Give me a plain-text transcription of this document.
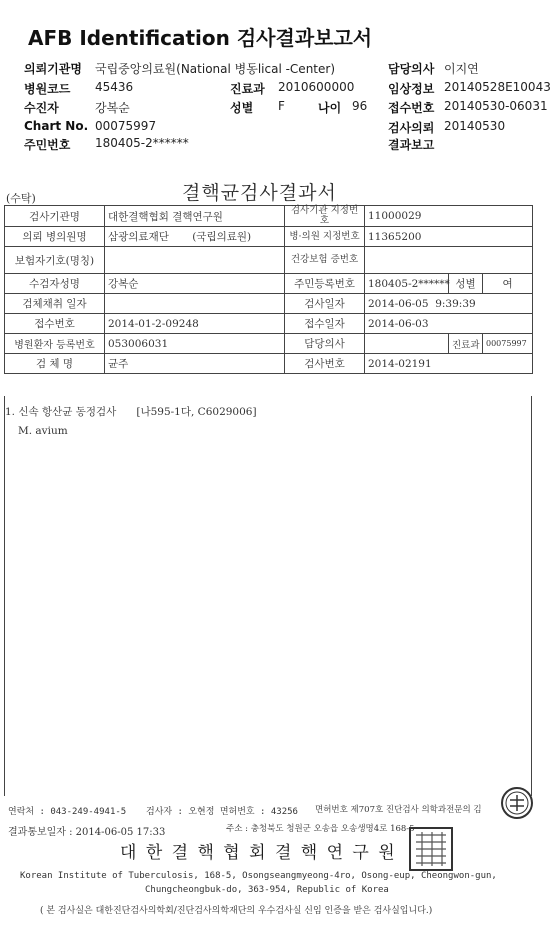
AFB Identification 검사결과보고서
의뢰기관명 국립중앙의료원(National 병동lical -Center)	담당의사 이지연
병원코드 45436	진료과 2010600000	임상정보 20140528E10043
수진자	강복순	성별 F	나이 96 접수번호 20140530-06031
Chart No. 00075997	검사의뢰 20140530
주민번호 180405-2******	결과보고
(수탁)	결핵균검사결과서
검사기관명	대한결핵협회 결핵연구원	검사기관 지정번호	11000029		
의뢰 병의원명	삼광의료재단 (국립의료원)	병·의원 지정번호	11365200		
보험자기호(명칭)		건강보험 증번호			
수검자성명	강복순	주민등록번호	180405-2******	성별	여
검체채취 일자		검사일자	2014-06-05  9:39:39		
접수번호	2014-01-2-09248	접수일자	2014-06-03		
병원환자 등록번호	053006031	담당의사		진료과	00075997
검 체 명	균주	검사번호	2014-02191		
1. 신속 항산균 동정검사      [나595-1다, C6029006]
M. avium
연락처 : 043-249-4941-5 검사자 : 오현정 면허번호 : 43256 면허번호 제707호 진단검사 의학과전문의 김
결과통보일자 : 2014-06-05 17:33	주소 : 충청북도 청원군 오송읍 오송생명4로 168-5
대 한 결 핵 협 회 결 핵 연 구 원
Korean Institute of Tuberculosis, 168-5, Osongseangmyeong-4ro, Osong-eup, Cheongwon-gun,
Chungcheongbuk-do, 363-954, Republic of Korea
( 본 검사실은 대한진단검사의학회/진단검사의학재단의 우수검사실 신임 인증을 받은 검사실입니다.)
